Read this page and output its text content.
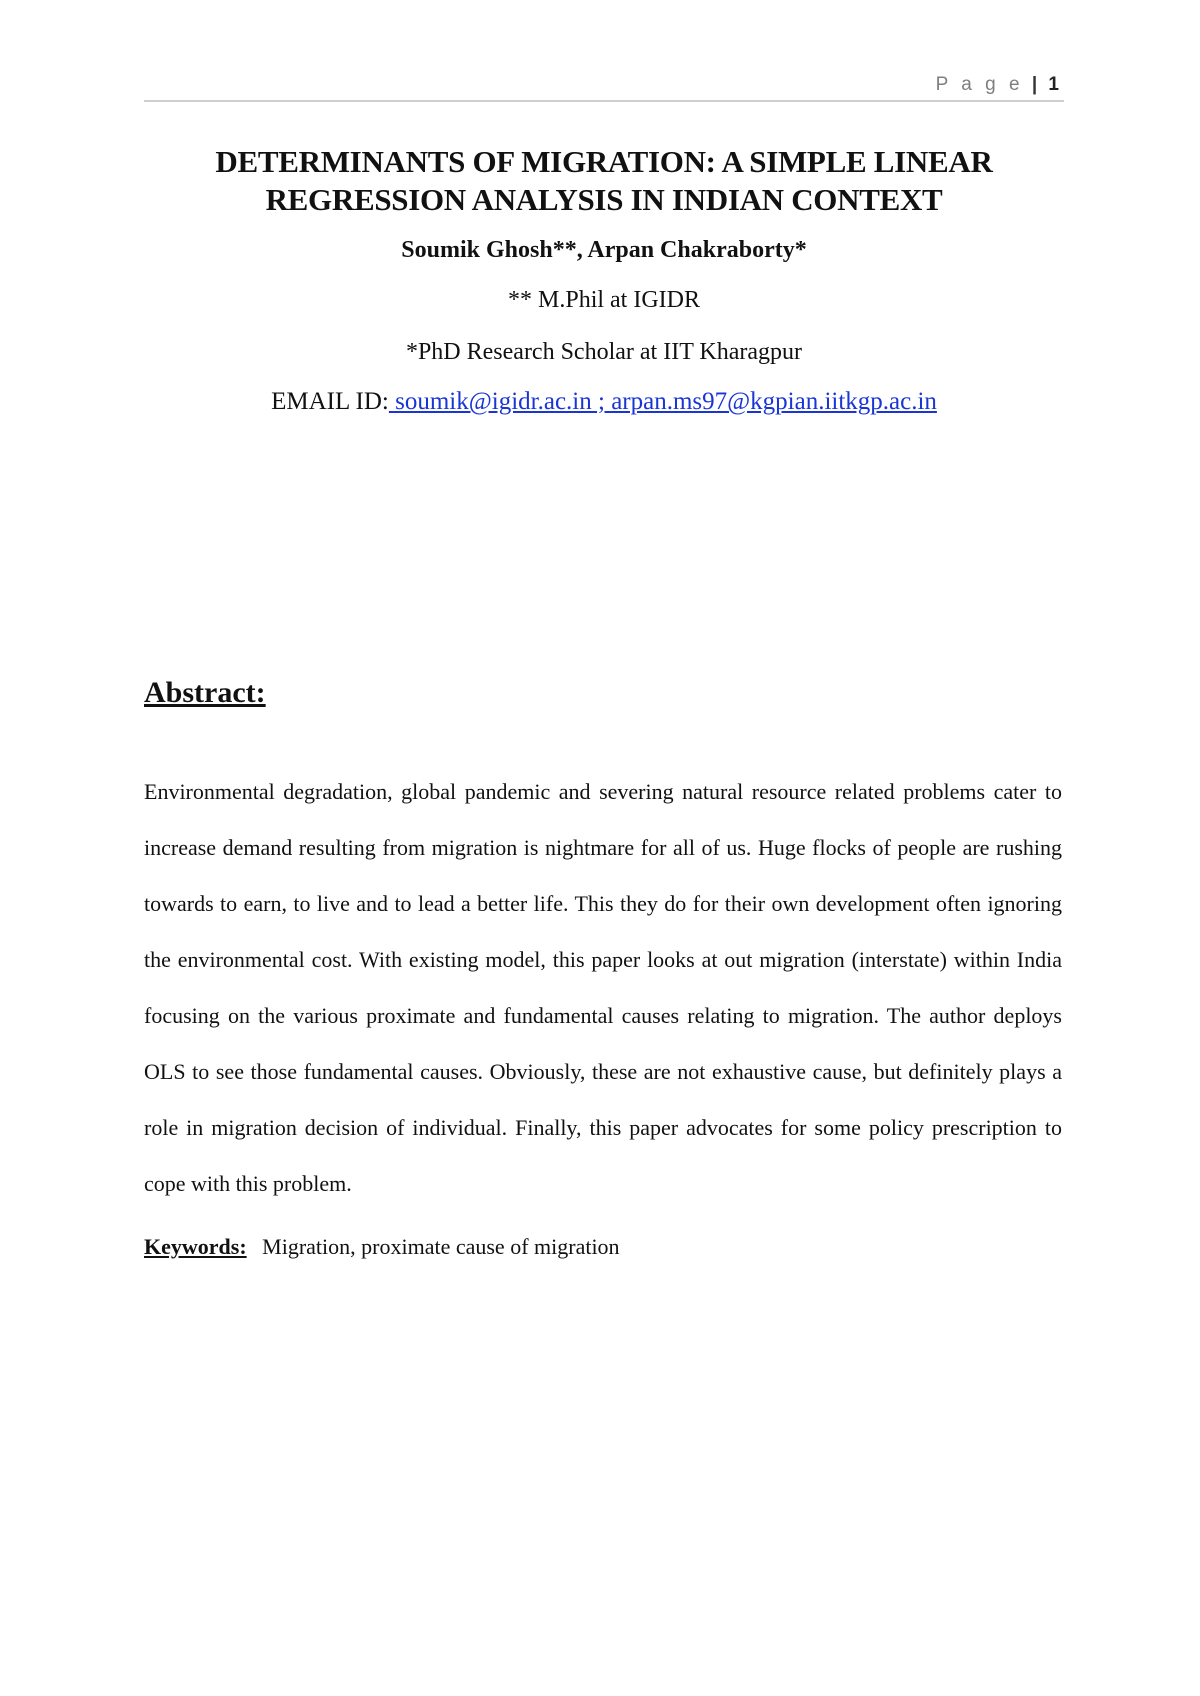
P a g e | 1
DETERMINANTS OF MIGRATION: A SIMPLE LINEAR
REGRESSION ANALYSIS IN INDIAN CONTEXT
Soumik Ghosh**, Arpan Chakraborty*
** M.Phil at IGIDR
*PhD Research Scholar at IIT Kharagpur
EMAIL ID: soumik@igidr.ac.in ; arpan.ms97@kgpian.iitkgp.ac.in
Abstract:

Environmental degradation, global pandemic and severing natural resource related problems cater to increase demand resulting from migration is nightmare for all of us. Huge flocks of people are rushing towards to earn, to live and to lead a better life. This they do for their own development often ignoring the environmental cost. With existing model, this paper looks at out migration (interstate) within India focusing on the various proximate and fundamental causes relating to migration. The author deploys OLS to see those fundamental causes. Obviously, these are not exhaustive cause, but definitely plays a role in migration decision of individual. Finally, this paper advocates for some policy prescription to cope with this problem.

Keywords: Migration, proximate cause of migration
